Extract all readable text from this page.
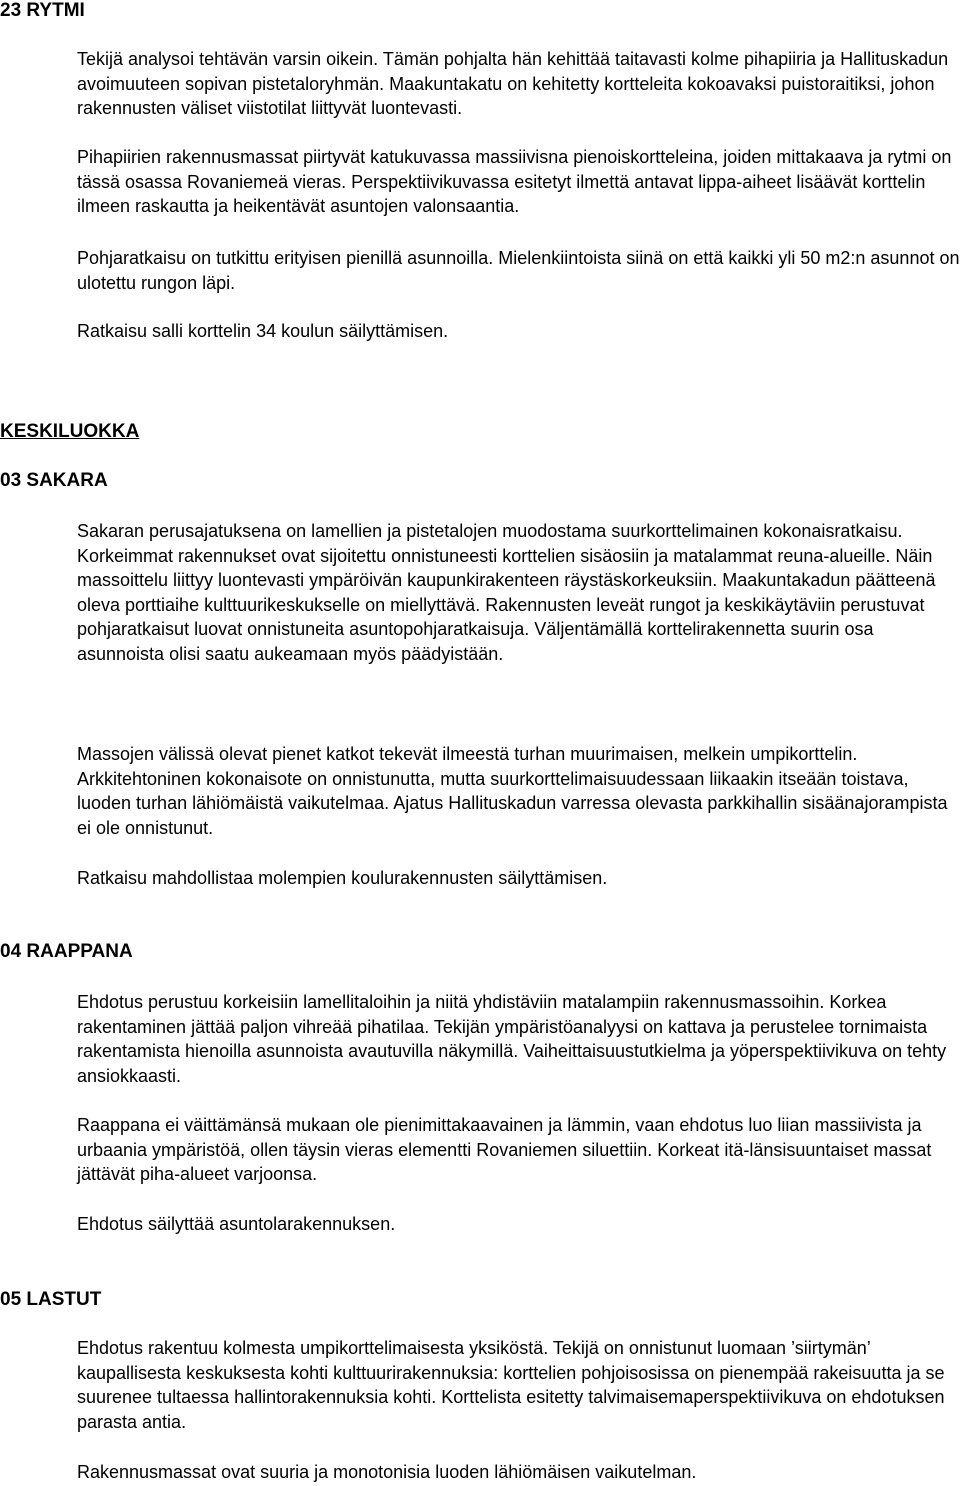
23 RYTMI

Tekijä analysoi tehtävän varsin oikein. Tämän pohjalta hän kehittää taitavasti kolme pihapiiria ja Hallituskadun avoimuuteen sopivan pistetaloryhmän. Maakuntakatu on kehitetty kortteleita kokoavaksi puistoraitiksi, johon rakennusten väliset viistotilat liittyvät luontevasti.

Pihapiirien rakennusmassat piirtyvät katukuvassa massiivisna pienoiskortteleina, joiden mittakaava ja rytmi on tässä osassa Rovaniemeä vieras. Perspektiivikuvassa esitetyt ilmettä antavat lippa-aiheet lisäävät korttelin ilmeen raskautta ja heikentävät asuntojen valonsaantia.

Pohjaratkaisu on tutkittu erityisen pienillä asunnoilla. Mielenkiintoista siinä on että kaikki yli 50 m2:n asunnot on ulotettu rungon läpi.

Ratkaisu salli korttelin 34 koulun säilyttämisen.

KESKILUOKKA
03 SAKARA

Sakaran perusajatuksena on lamellien ja pistetalojen muodostama suurkorttelimainen kokonaisratkaisu. Korkeimmat rakennukset ovat sijoitettu onnistuneesti korttelien sisäosiin ja matalammat reuna-alueille. Näin massoittelu liittyy luontevasti ympäröivän kaupunkirakenteen räystäskorkeuksiin. Maakuntakadun päätteenä oleva porttiaihe kulttuurikeskukselle on miellyttävä. Rakennusten leveät rungot ja keskikäytäviin perustuvat pohjaratkaisut luovat onnistuneita asuntopohjaratkaisuja. Väljentämällä korttelirakennetta suurin osa asunnoista olisi saatu aukeamaan myös päädyistään.

Massojen välissä olevat pienet katkot tekevät ilmeestä turhan muurimaisen, melkein umpikorttelin. Arkkitehtoninen kokonaisote on onnistunutta, mutta suurkorttelimaisuudessaan liikaakin itseään toistava, luoden turhan lähiömäistä vaikutelmaa. Ajatus Hallituskadun varressa olevasta parkkihallin sisäänajorampista ei ole onnistunut.

Ratkaisu mahdollistaa molempien koulurakennusten säilyttämisen.

04 RAAPPANA

Ehdotus perustuu korkeisiin lamellitaloihin ja niitä yhdistäviin matalampiin rakennusmassoihin. Korkea rakentaminen jättää paljon vihreää pihatilaa. Tekijän ympäristöanalyysi on kattava ja perustelee tornimaista rakentamista hienoilla asunnoista avautuvilla näkymillä. Vaiheittaisuustutkielma ja yöperspektiivikuva on tehty ansiokkaasti.

Raappana ei väittämänsä mukaan ole pienimittakaavainen ja lämmin, vaan ehdotus luo liian massiivista ja urbaania ympäristöä, ollen täysin vieras elementti Rovaniemen siluettiin. Korkeat itä-länsisuuntaiset massat jättävät piha-alueet varjoonsa.

Ehdotus säilyttää asuntolarakennuksen.

05 LASTUT

Ehdotus rakentuu kolmesta umpikorttelimaisesta yksiköstä. Tekijä on onnistunut luomaan ’siirtymän’ kaupallisesta keskuksesta kohti kulttuurirakennuksia: korttelien pohjoisosissa on pienempää rakeisuutta ja se suurenee tultaessa hallintorakennuksia kohti. Korttelista esitetty talvimaisemaperspektiivikuva on ehdotuksen parasta antia.

Rakennusmassat ovat suuria ja monotonisia luoden lähiömäisen vaikutelman.
